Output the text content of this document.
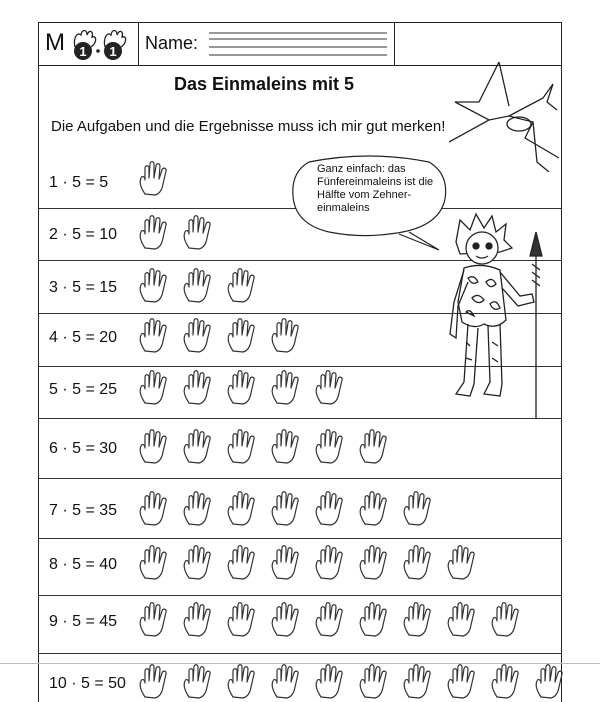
M 1 1 Name:
Das Einmaleins mit 5
Die Aufgaben und die Ergebnisse muss ich mir gut merken!
1 · 5 = 5
2 · 5 = 10
3 · 5 = 15
4 · 5 = 20
5 · 5 = 25
6 · 5 = 30
7 · 5 = 35
8 · 5 = 40
9 · 5 = 45
10 · 5 = 50
Ganz einfach: das Fünfereinmaleins ist die Hälfte vom Zehner-einmaleins
